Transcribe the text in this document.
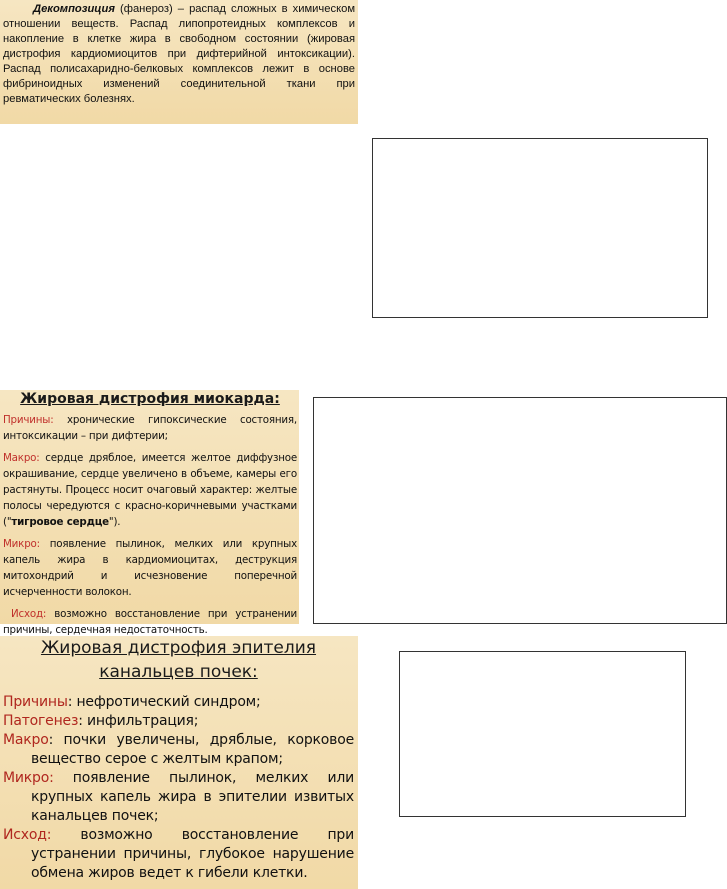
Декомпозиция (фанероз) – распад сложных в химическом отношении веществ. Распад липопротеидных комплексов и накопление в клетке жира в свободном состоянии (жировая дистрофия кардиомиоцитов при дифтерийной интоксикации). Распад полисахаридно-белковых комплексов лежит в основе фибриноидных изменений соединительной ткани при ревматических болезнях.

Жировая дистрофия миокарда:

Причины: хронические гипоксические состояния, интоксикации – при дифтерии;

Макро: сердце дряблое, имеется желтое диффузное окрашивание, сердце увеличено в объеме, камеры его растянуты. Процесс носит очаговый характер: желтые полосы чередуются с красно-коричневыми участками ("тигровое сердце").

Микро: появление пылинок, мелких или крупных капель жира в кардиомиоцитах, деструкция митохондрий и исчезновение поперечной исчерченности волокон.

Исход: возможно восстановление при устранении причины, сердечная недостаточность.

Жировая дистрофия эпителия
канальцев почек:

Причины: нефротический синдром;

Патогенез: инфильтрация;

Макро: почки увеличены, дряблые, корковое вещество серое с желтым крапом;

Микро: появление пылинок, мелких или крупных капель жира в эпителии извитых канальцев почек;

Исход: возможно восстановление при устранении причины, глубокое нарушение обмена жиров ведет к гибели клетки.
